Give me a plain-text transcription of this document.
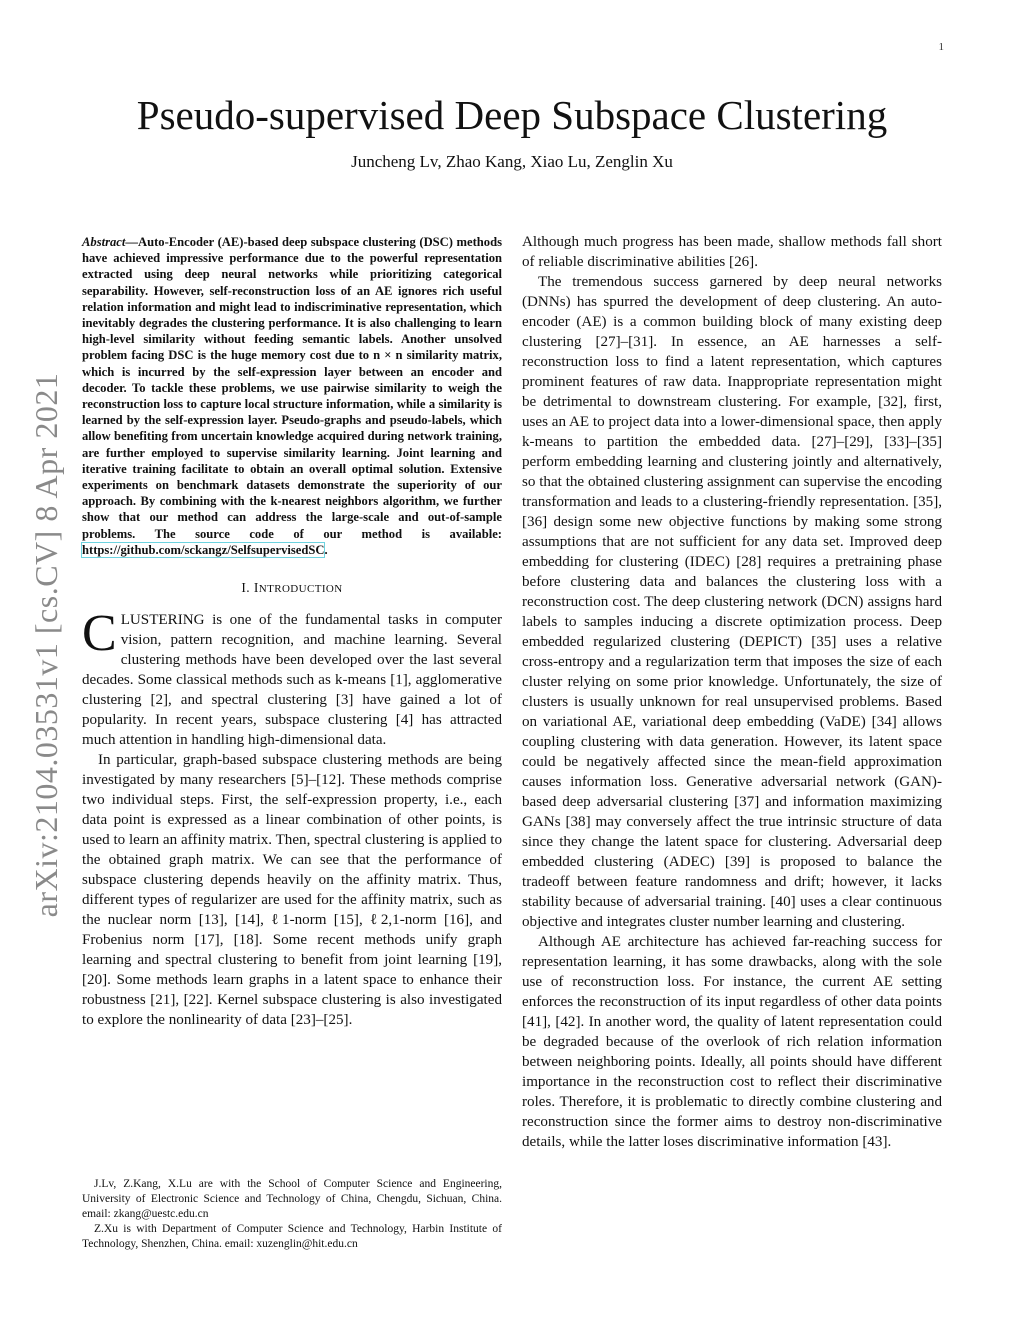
1
arXiv:2104.03531v1 [cs.CV] 8 Apr 2021
Pseudo-supervised Deep Subspace Clustering
Juncheng Lv, Zhao Kang, Xiao Lu, Zenglin Xu

Abstract—Auto-Encoder (AE)-based deep subspace clustering (DSC) methods have achieved impressive performance due to the powerful representation extracted using deep neural networks while prioritizing categorical separability. However, self-reconstruction loss of an AE ignores rich useful relation information and might lead to indiscriminative representation, which inevitably degrades the clustering performance. It is also challenging to learn high-level similarity without feeding semantic labels. Another unsolved problem facing DSC is the huge memory cost due to n × n similarity matrix, which is incurred by the self-expression layer between an encoder and decoder. To tackle these problems, we use pairwise similarity to weigh the reconstruction loss to capture local structure information, while a similarity is learned by the self-expression layer. Pseudo-graphs and pseudo-labels, which allow benefiting from uncertain knowledge acquired during network training, are further employed to supervise similarity learning. Joint learning and iterative training facilitate to obtain an overall optimal solution. Extensive experiments on benchmark datasets demonstrate the superiority of our approach. By combining with the k-nearest neighbors algorithm, we further show that our method can address the large-scale and out-of-sample problems. The source code of our method is available: https://github.com/sckangz/SelfsupervisedSC.

I. INTRODUCTION

CLUSTERING is one of the fundamental tasks in computer vision, pattern recognition, and machine learning. Several clustering methods have been developed over the last several decades. Some classical methods such as k-means [1], agglomerative clustering [2], and spectral clustering [3] have gained a lot of popularity. In recent years, subspace clustering [4] has attracted much attention in handling high-dimensional data.

In particular, graph-based subspace clustering methods are being investigated by many researchers [5]–[12]. These methods comprise two individual steps. First, the self-expression property, i.e., each data point is expressed as a linear combination of other points, is used to learn an affinity matrix. Then, spectral clustering is applied to the obtained graph matrix. We can see that the performance of subspace clustering depends heavily on the affinity matrix. Thus, different types of regularizer are used for the affinity matrix, such as the nuclear norm [13], [14], ℓ1-norm [15], ℓ2,1-norm [16], and Frobenius norm [17], [18]. Some recent methods unify graph learning and spectral clustering to benefit from joint learning [19], [20]. Some methods learn graphs in a latent space to enhance their robustness [21], [22]. Kernel subspace clustering is also investigated to explore the nonlinearity of data [23]–[25].

J.Lv, Z.Kang, X.Lu are with the School of Computer Science and Engineering, University of Electronic Science and Technology of China, Chengdu, Sichuan, China. email: zkang@uestc.edu.cn

Z.Xu is with Department of Computer Science and Technology, Harbin Institute of Technology, Shenzhen, China. email: xuzenglin@hit.edu.cn

Although much progress has been made, shallow methods fall short of reliable discriminative abilities [26].

The tremendous success garnered by deep neural networks (DNNs) has spurred the development of deep clustering. An auto-encoder (AE) is a common building block of many existing deep clustering [27]–[31]. In essence, an AE harnesses a self-reconstruction loss to find a latent representation, which captures prominent features of raw data. Inappropriate representation might be detrimental to downstream clustering. For example, [32], first, uses an AE to project data into a lower-dimensional space, then apply k-means to partition the embedded data. [27]–[29], [33]–[35] perform embedding learning and clustering jointly and alternatively, so that the obtained clustering assignment can supervise the encoding transformation and leads to a clustering-friendly representation. [35], [36] design some new objective functions by making some strong assumptions that are not sufficient for any data set. Improved deep embedding for clustering (IDEC) [28] requires a pretraining phase before clustering data and balances the clustering loss with a reconstruction cost. The deep clustering network (DCN) assigns hard labels to samples inducing a discrete optimization process. Deep embedded regularized clustering (DEPICT) [35] uses a relative cross-entropy and a regularization term that imposes the size of each cluster relying on some prior knowledge. Unfortunately, the size of clusters is usually unknown for real unsupervised problems. Based on variational AE, variational deep embedding (VaDE) [34] allows coupling clustering with data generation. However, its latent space could be negatively affected since the mean-field approximation causes information loss. Generative adversarial network (GAN)-based deep adversarial clustering [37] and information maximizing GANs [38] may conversely affect the true intrinsic structure of data since they change the latent space for clustering. Adversarial deep embedded clustering (ADEC) [39] is proposed to balance the tradeoff between feature randomness and drift; however, it lacks stability because of adversarial training. [40] uses a clear continuous objective and integrates cluster number learning and clustering.

Although AE architecture has achieved far-reaching success for representation learning, it has some drawbacks, along with the sole use of reconstruction loss. For instance, the current AE setting enforces the reconstruction of its input regardless of other data points [41], [42]. In another word, the quality of latent representation could be degraded because of the overlook of rich relation information between neighboring points. Ideally, all points should have different importance in the reconstruction cost to reflect their discriminative roles. Therefore, it is problematic to directly combine clustering and reconstruction since the former aims to destroy non-discriminative details, while the latter loses discriminative information [43].
